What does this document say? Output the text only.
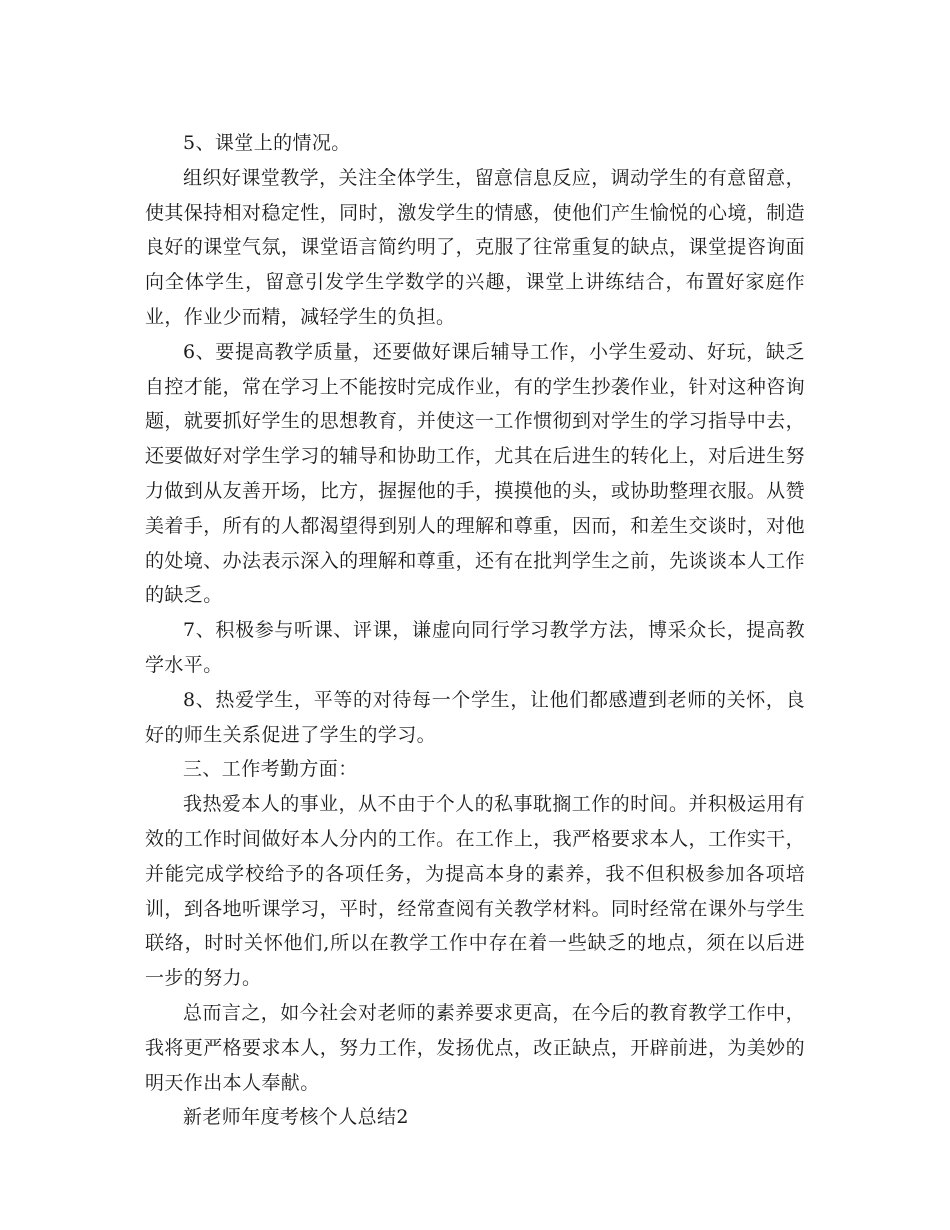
5、课堂上的情况。

组织好课堂教学，关注全体学生，留意信息反应，调动学生的有意留意，使其保持相对稳定性，同时，激发学生的情感，使他们产生愉悦的心境，制造良好的课堂气氛，课堂语言简约明了，克服了往常重复的缺点，课堂提咨询面向全体学生，留意引发学生学数学的兴趣，课堂上讲练结合，布置好家庭作业，作业少而精，减轻学生的负担。

6、要提高教学质量，还要做好课后辅导工作，小学生爱动、好玩，缺乏自控才能，常在学习上不能按时完成作业，有的学生抄袭作业，针对这种咨询题，就要抓好学生的思想教育，并使这一工作惯彻到对学生的学习指导中去，还要做好对学生学习的辅导和协助工作，尤其在后进生的转化上，对后进生努力做到从友善开场，比方，握握他的手，摸摸他的头，或协助整理衣服。从赞美着手，所有的人都渴望得到别人的理解和尊重，因而，和差生交谈时，对他的处境、办法表示深入的理解和尊重，还有在批判学生之前，先谈谈本人工作的缺乏。

7、积极参与听课、评课，谦虚向同行学习教学方法，博采众长，提高教学水平。

8、热爱学生，平等的对待每一个学生，让他们都感遭到老师的关怀，良好的师生关系促进了学生的学习。

三、工作考勤方面：

我热爱本人的事业，从不由于个人的私事耽搁工作的时间。并积极运用有效的工作时间做好本人分内的工作。在工作上，我严格要求本人，工作实干，并能完成学校给予的各项任务，为提高本身的素养，我不但积极参加各项培训，到各地听课学习，平时，经常查阅有关教学材料。同时经常在课外与学生联络，时时关怀他们,所以在教学工作中存在着一些缺乏的地点，须在以后进一步的努力。

总而言之，如今社会对老师的素养要求更高，在今后的教育教学工作中，我将更严格要求本人，努力工作，发扬优点，改正缺点，开辟前进，为美妙的明天作出本人奉献。

新老师年度考核个人总结2
